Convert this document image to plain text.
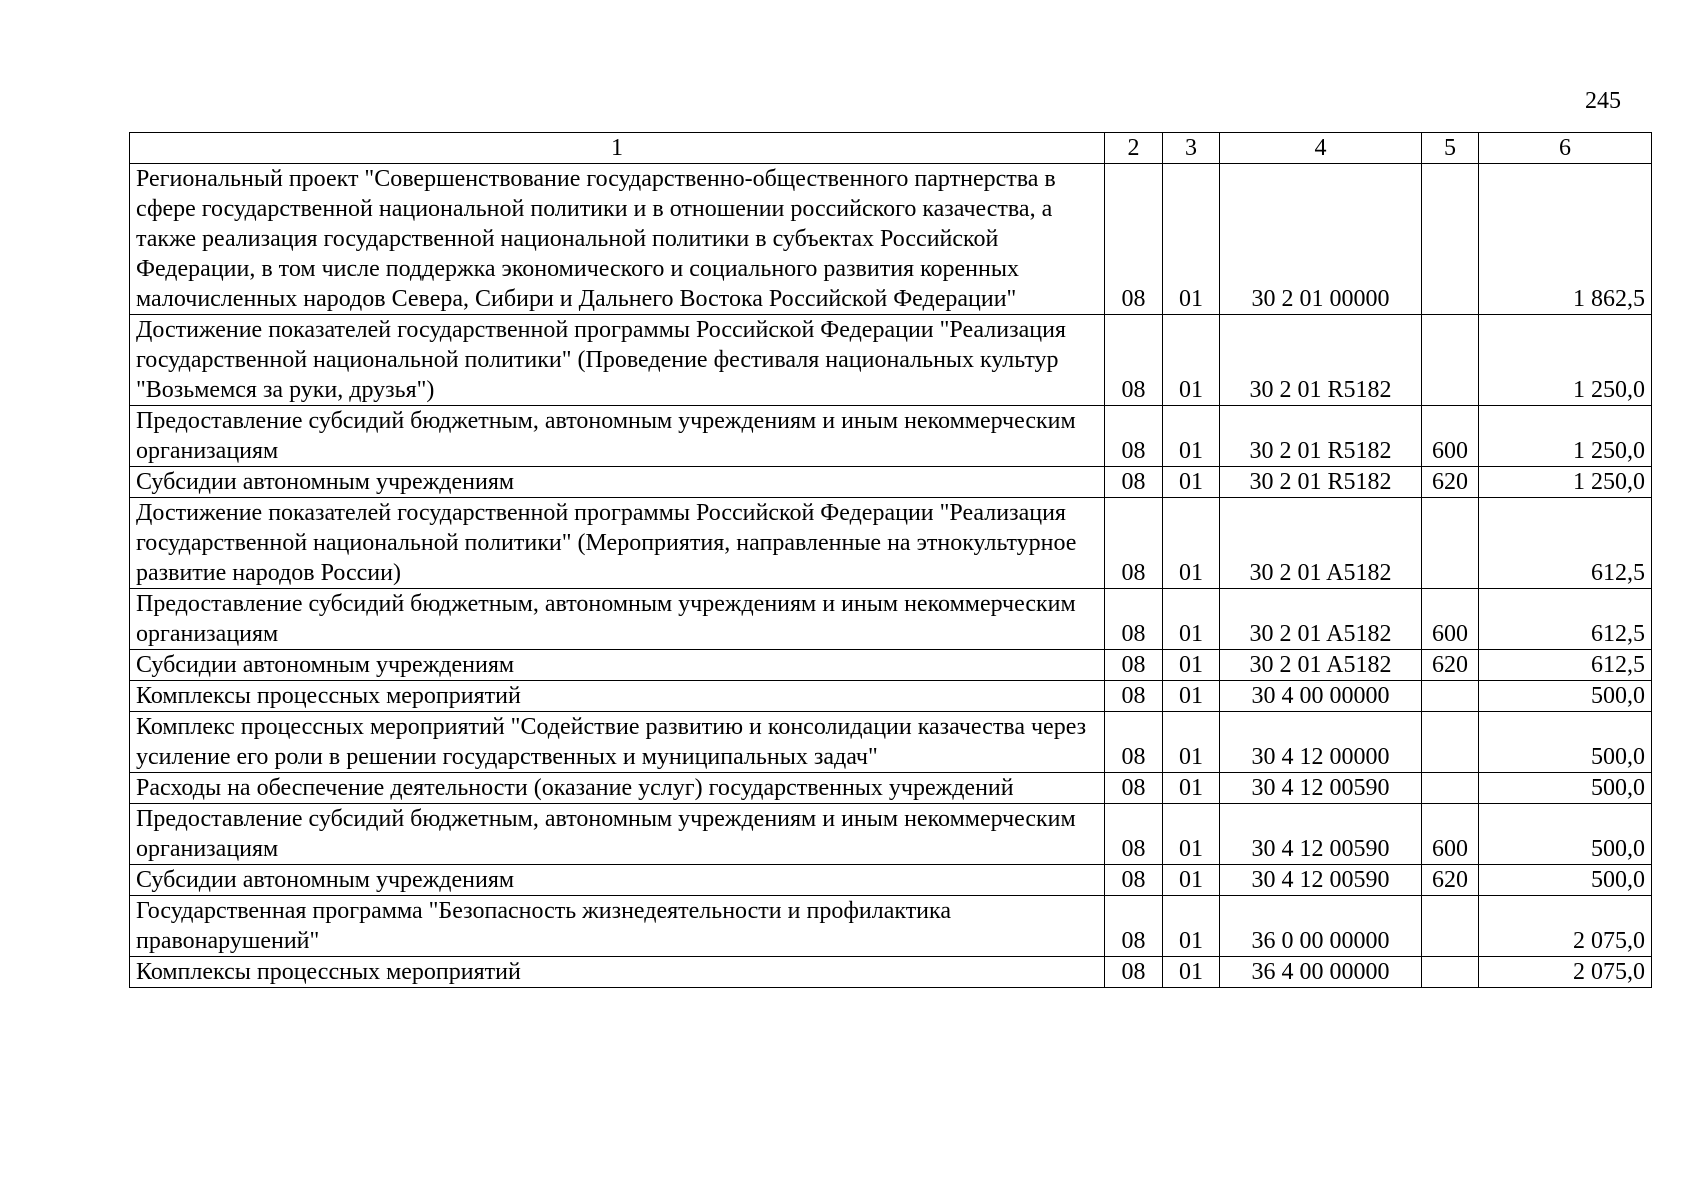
245
1	2	3	4	5	6
Региональный проект "Совершенствование государственно-общественного партнерства в сфере государственной национальной политики и в отношении российского казачества, а также реализация государственной национальной политики в субъектах Российской Федерации, в том числе поддержка экономического и социального развития коренных малочисленных народов Севера, Сибири и Дальнего Востока Российской Федерации"	08	01	30 2 01 00000		1 862,5
Достижение показателей государственной программы Российской Федерации "Реализация государственной национальной политики" (Проведение фестиваля национальных культур "Возьмемся за руки, друзья")	08	01	30 2 01 R5182		1 250,0
Предоставление субсидий бюджетным, автономным учреждениям и иным некоммерческим организациям	08	01	30 2 01 R5182	600	1 250,0
Субсидии автономным учреждениям	08	01	30 2 01 R5182	620	1 250,0
Достижение показателей государственной программы Российской Федерации "Реализация государственной национальной политики" (Мероприятия, направленные на этнокультурное развитие народов России)	08	01	30 2 01 A5182		612,5
Предоставление субсидий бюджетным, автономным учреждениям и иным некоммерческим организациям	08	01	30 2 01 A5182	600	612,5
Субсидии автономным учреждениям	08	01	30 2 01 A5182	620	612,5
Комплексы процессных мероприятий	08	01	30 4 00 00000		500,0
Комплекс процессных мероприятий "Содействие развитию и консолидации казачества через усиление его роли в решении государственных и муниципальных задач"	08	01	30 4 12 00000		500,0
Расходы на обеспечение деятельности (оказание услуг) государственных учреждений	08	01	30 4 12 00590		500,0
Предоставление субсидий бюджетным, автономным учреждениям и иным некоммерческим организациям	08	01	30 4 12 00590	600	500,0
Субсидии автономным учреждениям	08	01	30 4 12 00590	620	500,0
Государственная программа "Безопасность жизнедеятельности и профилактика правонарушений"	08	01	36 0 00 00000		2 075,0
Комплексы процессных мероприятий	08	01	36 4 00 00000		2 075,0
